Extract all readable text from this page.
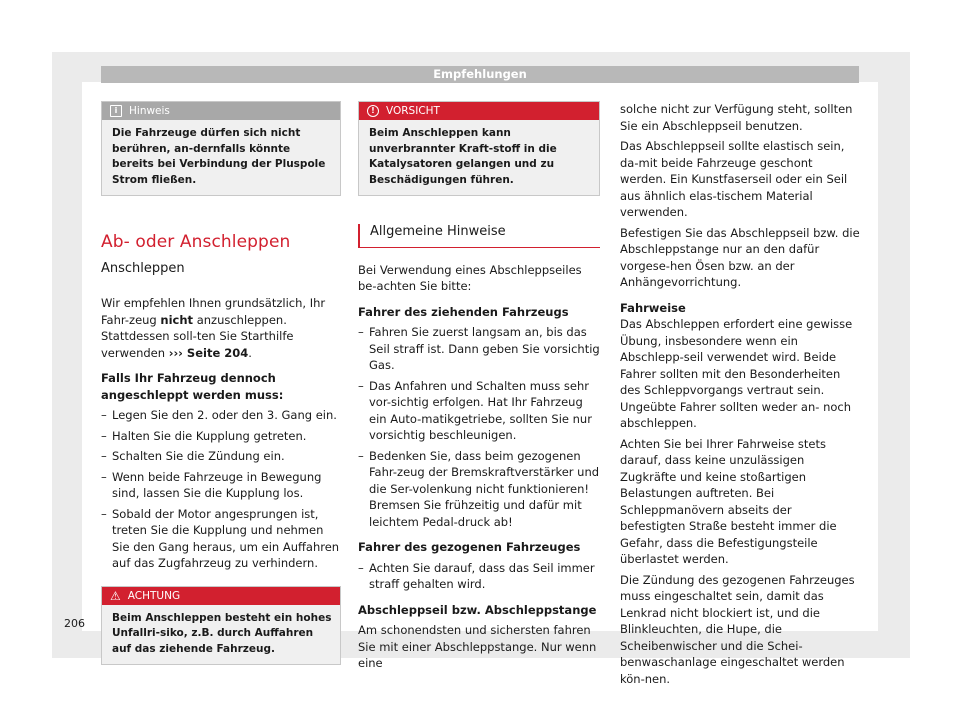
Empfehlungen
i	Hinweis
Die Fahrzeuge dürfen sich nicht berühren, an-dernfalls könnte bereits bei Verbindung der Pluspole Strom fließen.
Ab- oder Anschleppen
Anschleppen

Wir empfehlen Ihnen grundsätzlich, Ihr Fahr-zeug nicht anzuschleppen. Stattdessen soll-ten Sie Starthilfe verwenden ››› Seite 204.

Falls Ihr Fahrzeug dennoch angeschleppt werden muss:

– Legen Sie den 2. oder den 3. Gang ein.
– Halten Sie die Kupplung getreten.
– Schalten Sie die Zündung ein.
– Wenn beide Fahrzeuge in Bewegung sind, lassen Sie die Kupplung los.
– Sobald der Motor angesprungen ist, treten Sie die Kupplung und nehmen Sie den Gang heraus, um ein Auffahren auf das Zugfahrzeug zu verhindern.
⚠ ACHTUNG
Beim Anschleppen besteht ein hohes Unfallri-siko, z.B. durch Auffahren auf das ziehende Fahrzeug.
!	VORSICHT
Beim Anschleppen kann unverbrannter Kraft-stoff in die Katalysatoren gelangen und zu Beschädigungen führen.
Allgemeine Hinweise

Bei Verwendung eines Abschleppseiles be-achten Sie bitte:

Fahrer des ziehenden Fahrzeugs

– Fahren Sie zuerst langsam an, bis das Seil straff ist. Dann geben Sie vorsichtig Gas.
– Das Anfahren und Schalten muss sehr vor-sichtig erfolgen. Hat Ihr Fahrzeug ein Auto-matikgetriebe, sollten Sie nur vorsichtig beschleunigen.
– Bedenken Sie, dass beim gezogenen Fahr-zeug der Bremskraftverstärker und die Ser-volenkung nicht funktionieren! Bremsen Sie frühzeitig und dafür mit leichtem Pedal-druck ab!

Fahrer des gezogenen Fahrzeuges

– Achten Sie darauf, dass das Seil immer straff gehalten wird.

Abschleppseil bzw. Abschleppstange

Am schonendsten und sichersten fahren Sie mit einer Abschleppstange. Nur wenn eine

solche nicht zur Verfügung steht, sollten Sie ein Abschleppseil benutzen.

Das Abschleppseil sollte elastisch sein, da-mit beide Fahrzeuge geschont werden. Ein Kunstfaserseil oder ein Seil aus ähnlich elas-tischem Material verwenden.

Befestigen Sie das Abschleppseil bzw. die Abschleppstange nur an den dafür vorgese-hen Ösen bzw. an der Anhängevorrichtung.

Fahrweise

Das Abschleppen erfordert eine gewisse Übung, insbesondere wenn ein Abschlepp-seil verwendet wird. Beide Fahrer sollten mit den Besonderheiten des Schleppvorgangs vertraut sein. Ungeübte Fahrer sollten weder an- noch abschleppen.

Achten Sie bei Ihrer Fahrweise stets darauf, dass keine unzulässigen Zugkräfte und keine stoßartigen Belastungen auftreten. Bei Schleppmanövern abseits der befestigten Straße besteht immer die Gefahr, dass die Befestigungsteile überlastet werden.

Die Zündung des gezogenen Fahrzeuges muss eingeschaltet sein, damit das Lenkrad nicht blockiert ist, und die Blinkleuchten, die Hupe, die Scheibenwischer und die Schei-benwaschanlage eingeschaltet werden kön-nen.

206
